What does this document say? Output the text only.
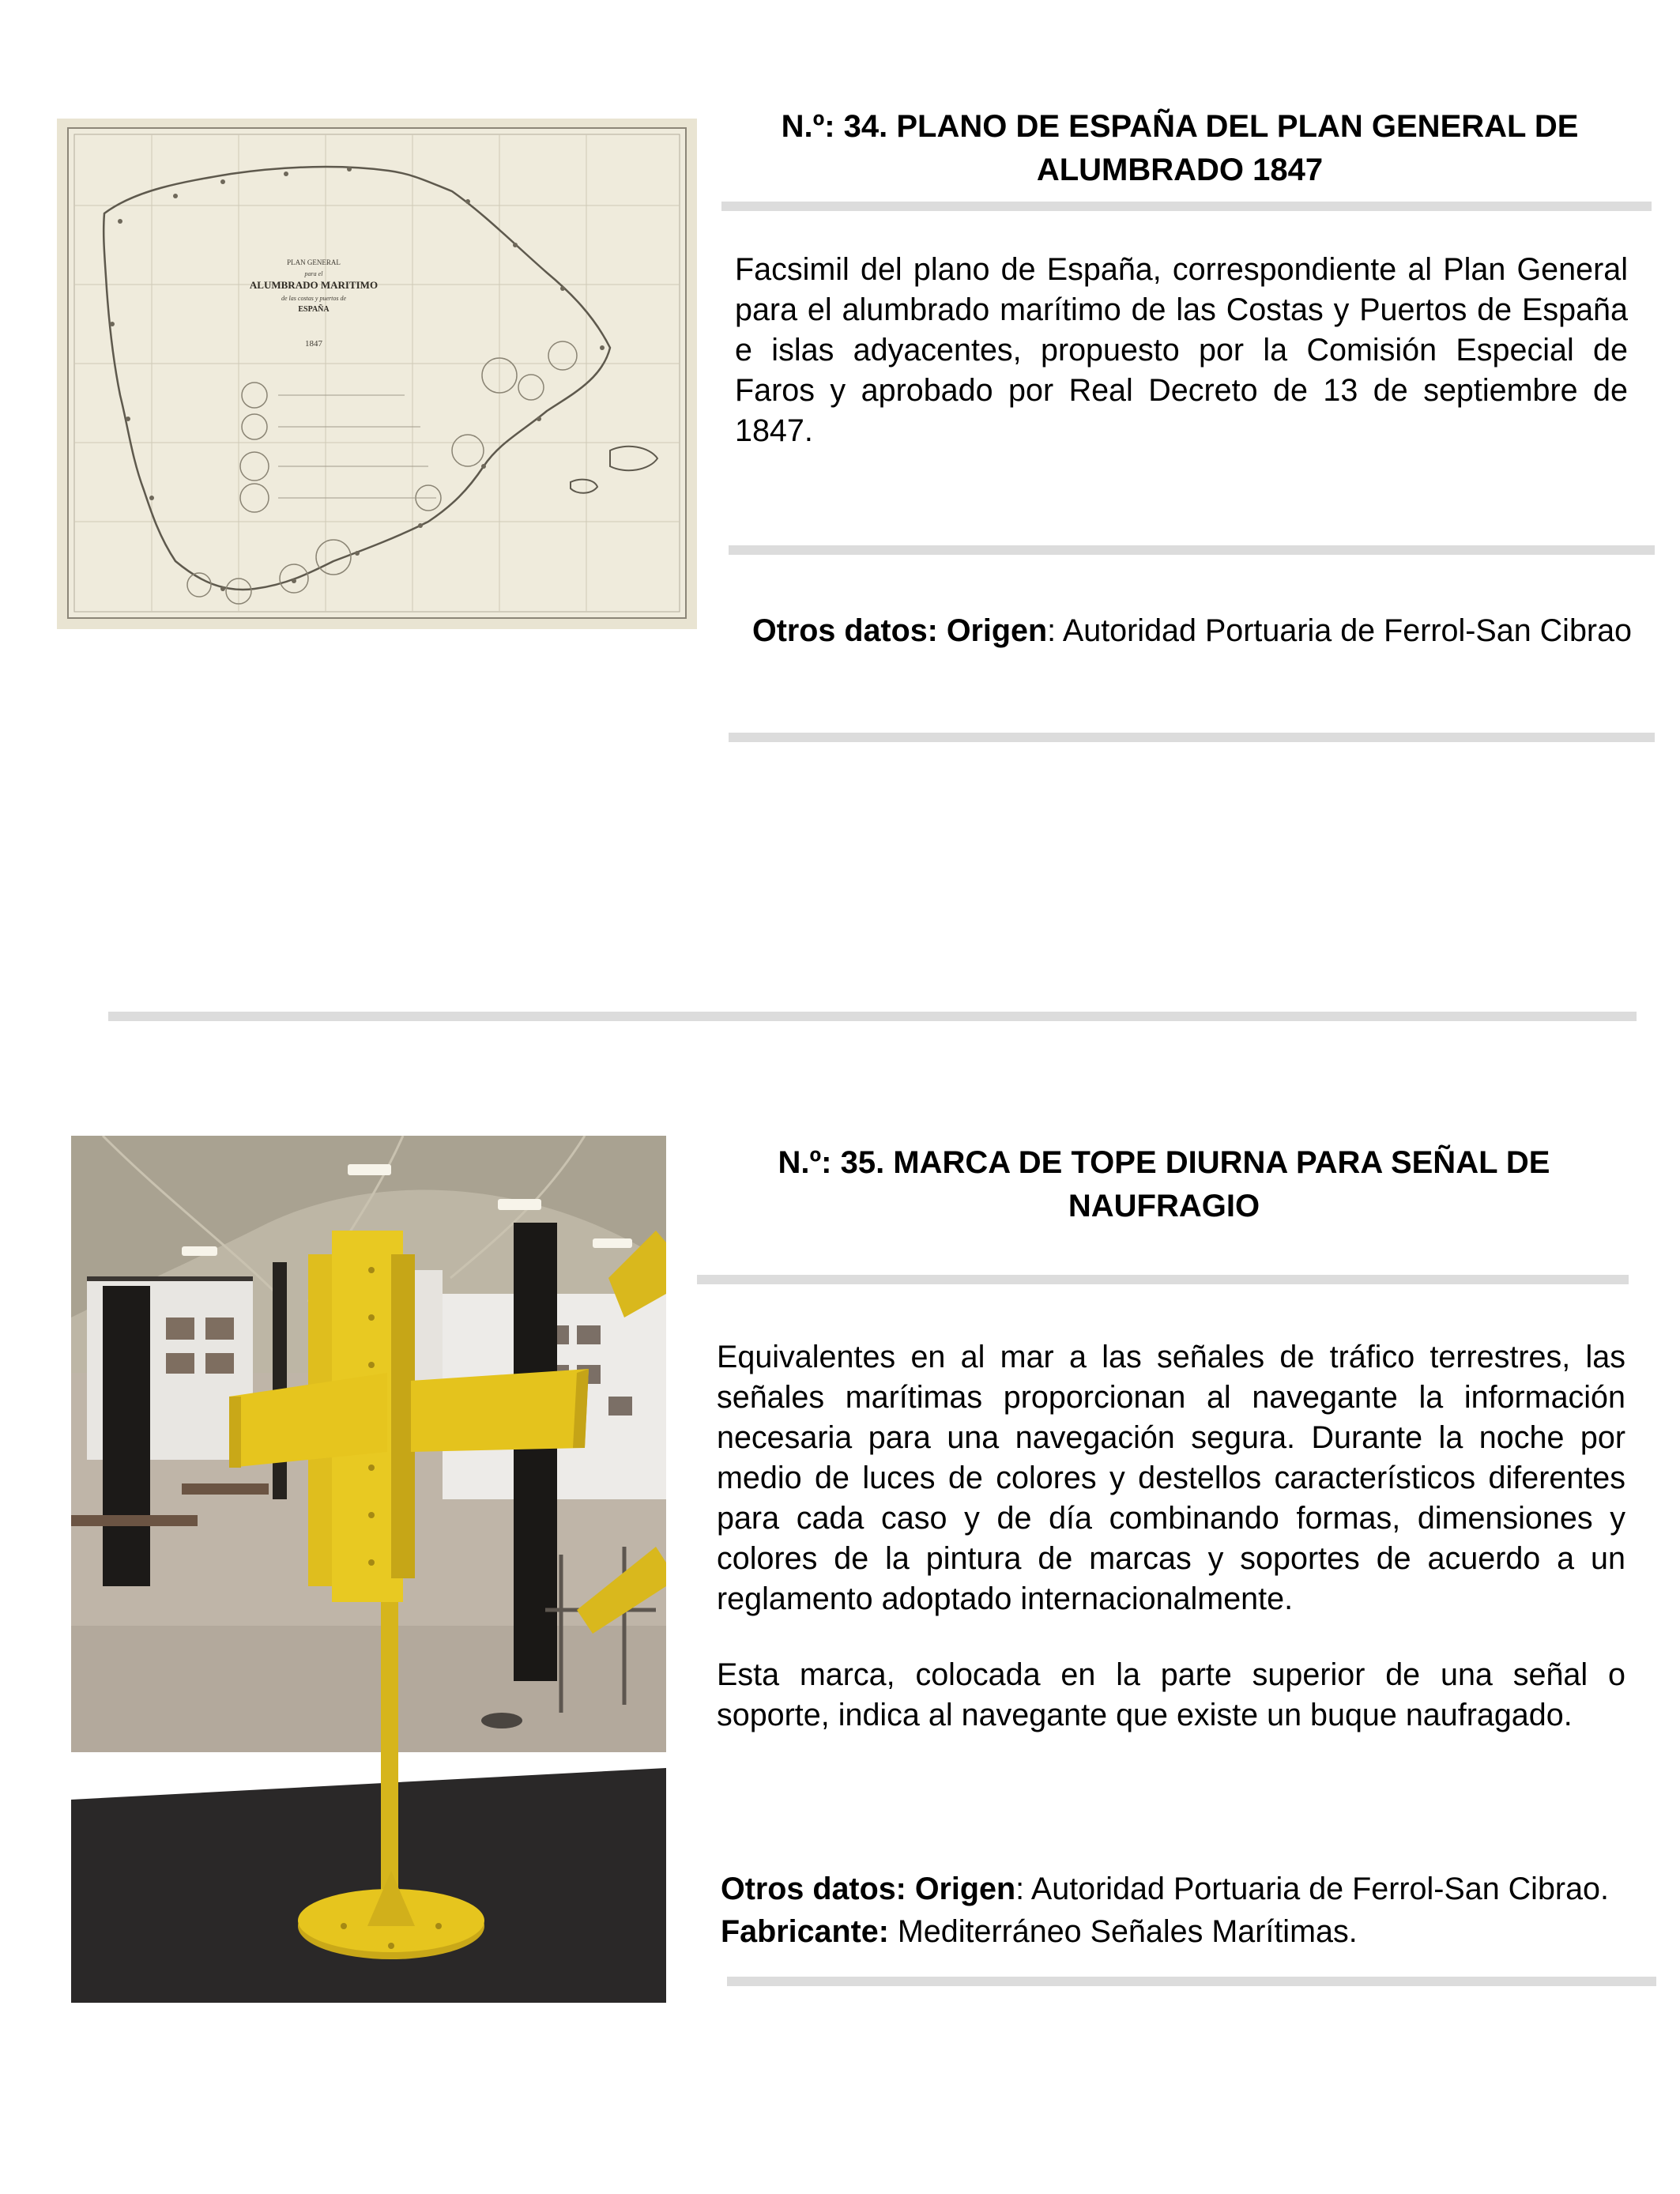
PLAN GENERAL
para el
ALUMBRADO MARITIMO
de las costas y puertos de
ESPAÑA
1847
N.º: 34. PLANO DE ESPAÑA DEL PLAN GENERAL DE
ALUMBRADO 1847
Facsimil del plano de España, correspondiente al Plan General para el alumbrado marítimo de las Costas y Puertos de España e islas adyacentes, propuesto por la Comisión Especial de Faros y aprobado por Real Decreto de 13 de septiembre de 1847.
Otros datos: Origen: Autoridad Portuaria de Ferrol-San Cibrao
N.º: 35. MARCA DE TOPE DIURNA PARA SEÑAL DE
NAUFRAGIO

Equivalentes en al mar a las señales de tráfico terrestres, las señales marítimas proporcionan al navegante la información necesaria para una navegación segura. Durante la noche por medio de luces de colores y destellos característicos diferentes para cada caso y de día combinando formas, dimensiones y colores de la pintura de marcas y soportes de acuerdo a un reglamento adoptado internacionalmente.

Esta marca, colocada en la parte superior de una señal o soporte, indica al navegante que existe un buque naufragado.

Otros datos: Origen: Autoridad Portuaria de Ferrol-San Cibrao. Fabricante: Mediterráneo Señales Marítimas.
